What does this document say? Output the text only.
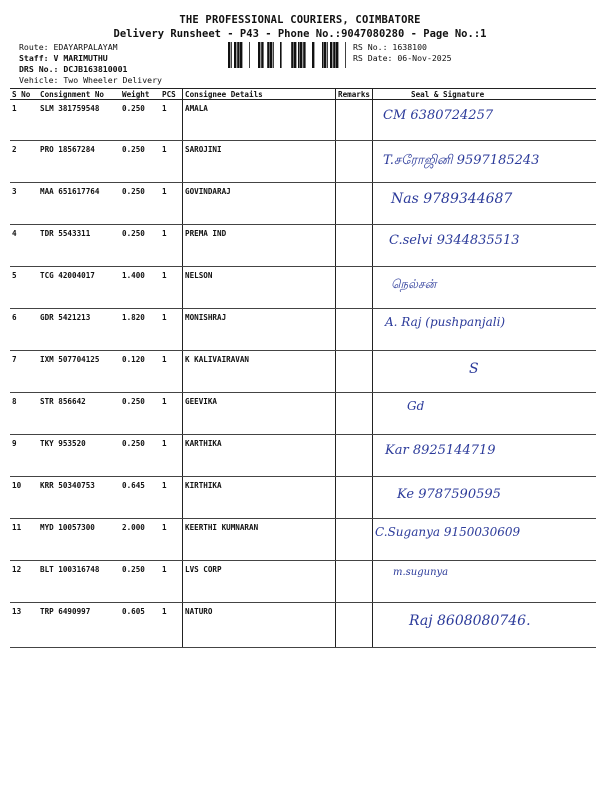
THE PROFESSIONAL COURIERS, COIMBATORE
Delivery Runsheet - P43 - Phone No.:9047080280 - Page No.:1
Route: EDAYARPALAYAM
Staff: V MARIMUTHU
DRS No.: DCJB163810001
Vehicle: Two Wheeler Delivery
RS No.: 1638100
RS Date: 06-Nov-2025
S No	Consignment No	Weight	PCS	Consignee Details	Remarks	Seal & Signature
1	SLM 381759548	0.250	1	AMALA		CM 6380724257

2	PRO 18567284	0.250	1	SAROJINI		T.சரோஜினி 9597185243

3	MAA 651617764	0.250	1	GOVINDARAJ		Nas 9789344687

4	TDR 5543311	0.250	1	PREMA IND		C.selvi 9344835513

5	TCG 42004017	1.400	1	NELSON		நெல்சன்

6	GDR 5421213	1.820	1	MONISHRAJ		A. Raj (pushpanjali)

7	IXM 507704125	0.120	1	K KALIVAIRAVAN		S

8	STR 856642	0.250	1	GEEVIKA		Gd

9	TKY 953520	0.250	1	KARTHIKA		Kar 8925144719

10	KRR 50340753	0.645	1	KIRTHIKA		Ke 9787590595

11	MYD 10057300	2.000	1	KEERTHI KUMNARAN		C.Suganya 9150030609

12	BLT 100316748	0.250	1	LVS CORP		m.sugunya

13	TRP 6490997	0.605	1	NATURO		Raj 8608080746.
